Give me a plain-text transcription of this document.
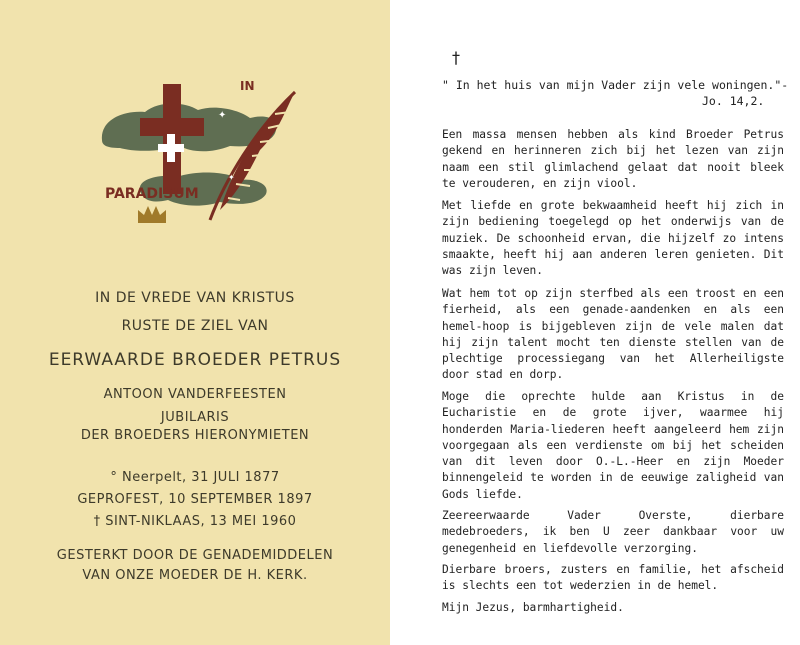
✦
✦
IN
PARADISUM
IN DE VREDE VAN KRISTUS
RUSTE DE ZIEL VAN
EERWAARDE BROEDER PETRUS
ANTOON VANDERFEESTEN
JUBILARIS
DER BROEDERS HIERONYMIETEN
° Neerpelt, 31 JULI 1877
GEPROFEST, 10 SEPTEMBER 1897
† SINT-NIKLAAS, 13 MEI 1960
GESTERKT DOOR DE GENADEMIDDELEN
VAN ONZE MOEDER DE H. KERK.
†
" In het huis van mijn Vader zijn vele woningen."-
Jo. 14,2.

Een massa mensen hebben als kind Broeder Petrus gekend en herinneren zich bij het lezen van zijn naam een stil glimlachend gelaat dat nooit bleek te verouderen, en zijn viool.

Met liefde en grote bekwaamheid heeft hij zich in zijn bediening toegelegd op het onderwijs van de muziek. De schoonheid ervan, die hijzelf zo intens smaakte, heeft hij aan anderen leren genieten. Dit was zijn leven.

Wat hem tot op zijn sterfbed als een troost en een fierheid, als een genade-aandenken en als een hemel-hoop is bijgebleven zijn de vele malen dat hij zijn talent mocht ten dienste stellen van de plechtige processiegang van het Allerheiligste door stad en dorp.

Moge die oprechte hulde aan Kristus in de Eucharistie en de grote ijver, waarmee hij honderden Maria-liederen heeft aangeleerd hem zijn voorgegaan als een verdienste om bij het scheiden van dit leven door O.-L.-Heer en zijn Moeder binnengeleid te worden in de eeuwige zaligheid van Gods liefde.

Zeereerwaarde Vader Overste, dierbare medebroeders, ik ben U zeer dankbaar voor uw genegenheid en liefdevolle verzorging.

Dierbare broers, zusters en familie, het afscheid is slechts een tot wederzien in de hemel.

Mijn Jezus, barmhartigheid.
